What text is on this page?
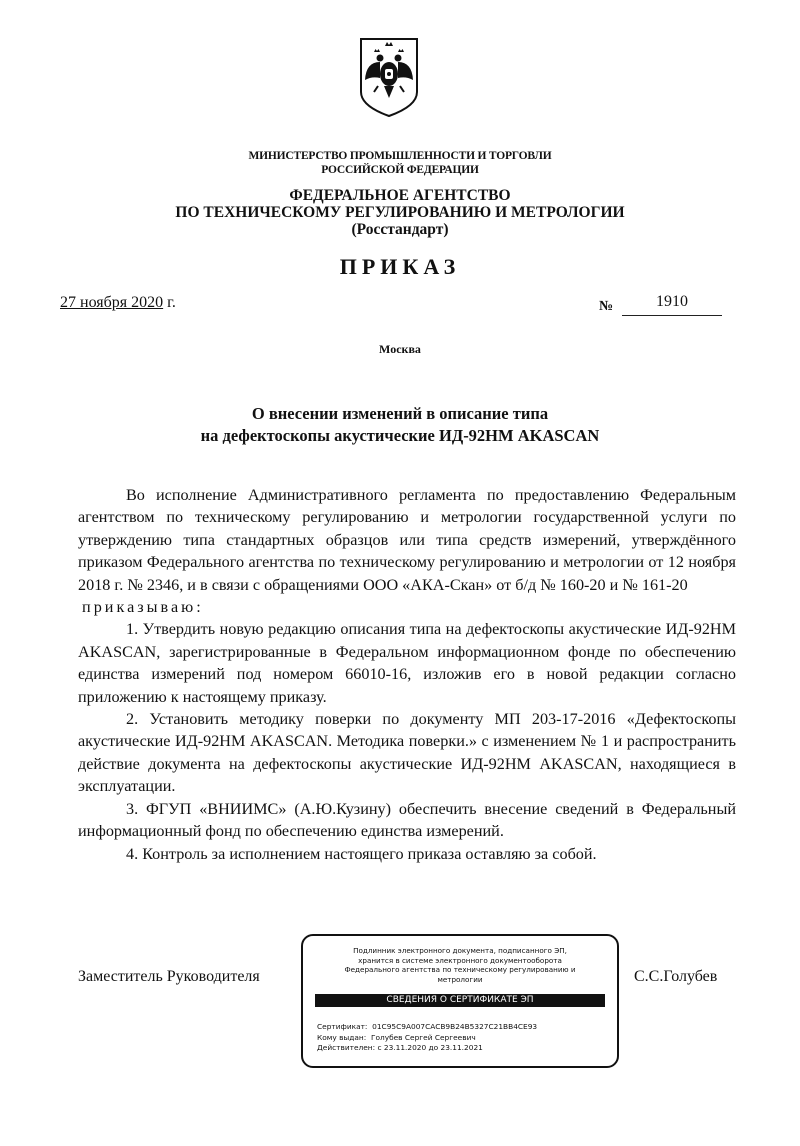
МИНИСТЕРСТВО ПРОМЫШЛЕННОСТИ И ТОРГОВЛИ
РОССИЙСКОЙ ФЕДЕРАЦИИ
ФЕДЕРАЛЬНОЕ АГЕНТСТВО
ПО ТЕХНИЧЕСКОМУ РЕГУЛИРОВАНИЮ И МЕТРОЛОГИИ
(Росстандарт)
ПРИКАЗ
27 ноября 2020 г.	№	1910
Москва
О внесении изменений в описание типа
на дефектоскопы акустические ИД-92НМ AKASCAN

Во исполнение Административного регламента по предоставлению Федеральным агентством по техническому регулированию и метрологии государственной услуги по утверждению типа стандартных образцов или типа средств измерений, утверждённого приказом Федерального агентства по техническому регулированию и метрологии от 12 ноября 2018 г. № 2346, и в связи с обращениями ООО «АКА-Скан» от б/д № 160-20 и № 161-20

приказываю:

1. Утвердить новую редакцию описания типа на дефектоскопы акустические ИД-92НМ AKASCAN, зарегистрированные в Федеральном информационном фонде по обеспечению единства измерений под номером 66010-16, изложив его в новой редакции согласно приложению к настоящему приказу.

2. Установить методику поверки по документу МП 203-17-2016 «Дефектоскопы акустические ИД-92НМ AKASCAN. Методика поверки.» с изменением № 1 и распространить действие документа на дефектоскопы акустические ИД-92НМ AKASCAN, находящиеся в эксплуатации.

3. ФГУП «ВНИИМС» (А.Ю.Кузину) обеспечить внесение сведений в Федеральный информационный фонд по обеспечению единства измерений.

4. Контроль за исполнением настоящего приказа оставляю за собой.

Заместитель Руководителя	С.С.Голубев
Подлинник электронного документа, подписанного ЭП,
хранится в системе электронного документооборота
Федерального агентства по техническому регулированию и
метрологии
СВЕДЕНИЯ О СЕРТИФИКАТЕ ЭП
Сертификат: 01C95C9A007CACB9B24B5327C21BB4CE93
Кому выдан: Голубев Сергей Сергеевич
Действителен: с 23.11.2020 до 23.11.2021
